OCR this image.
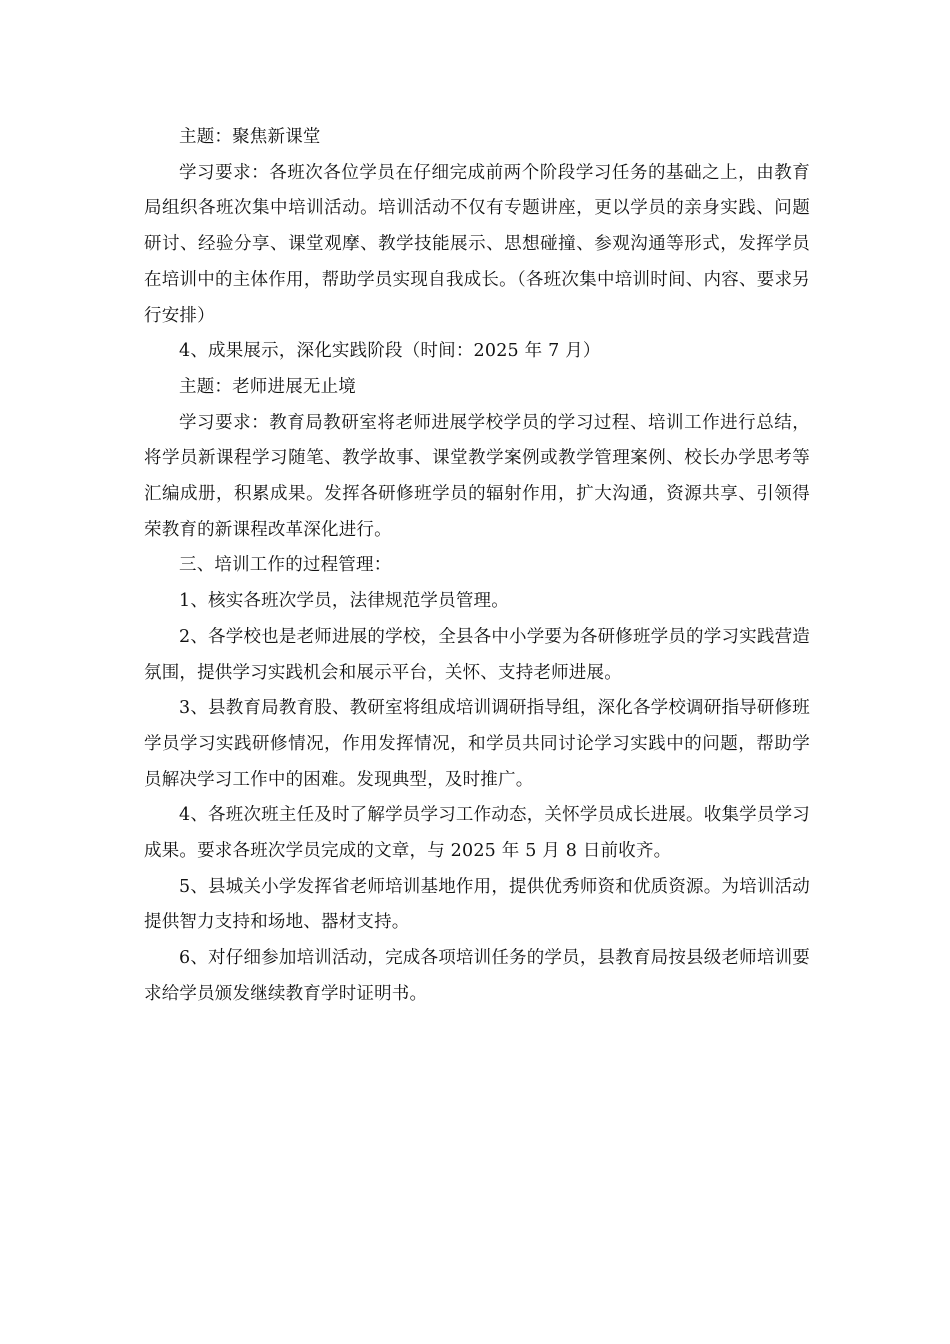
主题：聚焦新课堂

学习要求：各班次各位学员在仔细完成前两个阶段学习任务的基础之上，由教育局组织各班次集中培训活动。培训活动不仅有专题讲座，更以学员的亲身实践、问题研讨、经验分享、课堂观摩、教学技能展示、思想碰撞、参观沟通等形式，发挥学员在培训中的主体作用，帮助学员实现自我成长。（各班次集中培训时间、内容、要求另行安排）

4、成果展示，深化实践阶段（时间：2025 年 7 月）

主题：老师进展无止境

学习要求：教育局教研室将老师进展学校学员的学习过程、培训工作进行总结，将学员新课程学习随笔、教学故事、课堂教学案例或教学管理案例、校长办学思考等汇编成册，积累成果。发挥各研修班学员的辐射作用，扩大沟通，资源共享、引领得荣教育的新课程改革深化进行。

三、培训工作的过程管理：

1、核实各班次学员，法律规范学员管理。

2、各学校也是老师进展的学校，全县各中小学要为各研修班学员的学习实践营造氛围，提供学习实践机会和展示平台，关怀、支持老师进展。

3、县教育局教育股、教研室将组成培训调研指导组，深化各学校调研指导研修班学员学习实践研修情况，作用发挥情况，和学员共同讨论学习实践中的问题，帮助学员解决学习工作中的困难。发现典型，及时推广。

4、各班次班主任及时了解学员学习工作动态，关怀学员成长进展。收集学员学习成果。要求各班次学员完成的文章，与 2025 年 5 月 8 日前收齐。

5、县城关小学发挥省老师培训基地作用，提供优秀师资和优质资源。为培训活动提供智力支持和场地、器材支持。

6、对仔细参加培训活动，完成各项培训任务的学员，县教育局按县级老师培训要求给学员颁发继续教育学时证明书。
